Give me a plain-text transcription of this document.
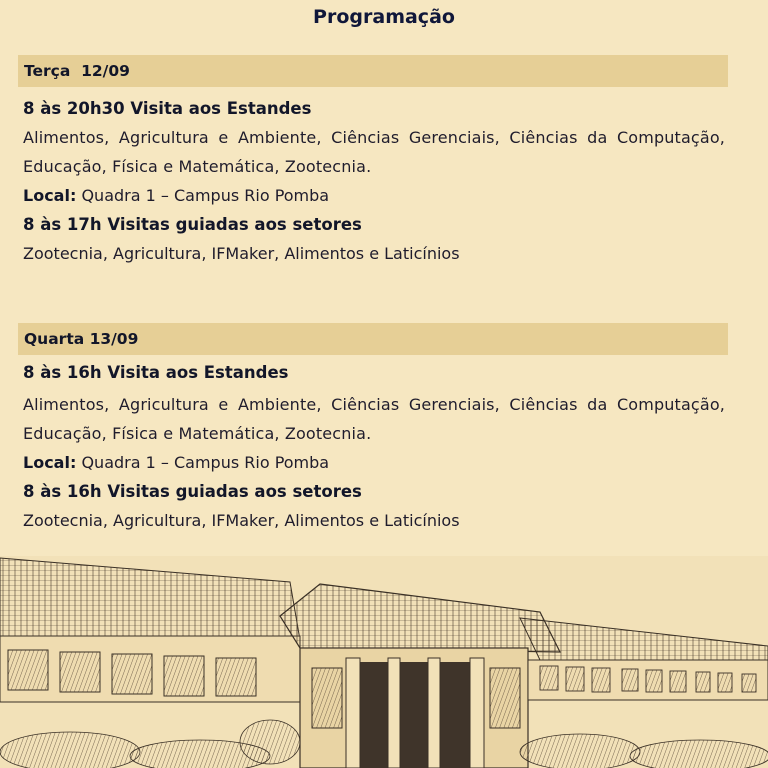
Programação
Terça  12/09
8 às 20h30 Visita aos Estandes
Alimentos, Agricultura e Ambiente, Ciências Gerenciais, Ciências da Computação, Educação, Física e Matemática, Zootecnia.
Local: Quadra 1 – Campus Rio Pomba
8 às 17h Visitas guiadas aos setores
Zootecnia, Agricultura, IFMaker, Alimentos e Laticínios
Quarta 13/09
8 às 16h Visita aos Estandes
Alimentos, Agricultura e Ambiente, Ciências Gerenciais, Ciências da Computação, Educação, Física e Matemática, Zootecnia.
Local: Quadra 1 – Campus Rio Pomba
8 às 16h Visitas guiadas aos setores
Zootecnia, Agricultura, IFMaker, Alimentos e Laticínios
